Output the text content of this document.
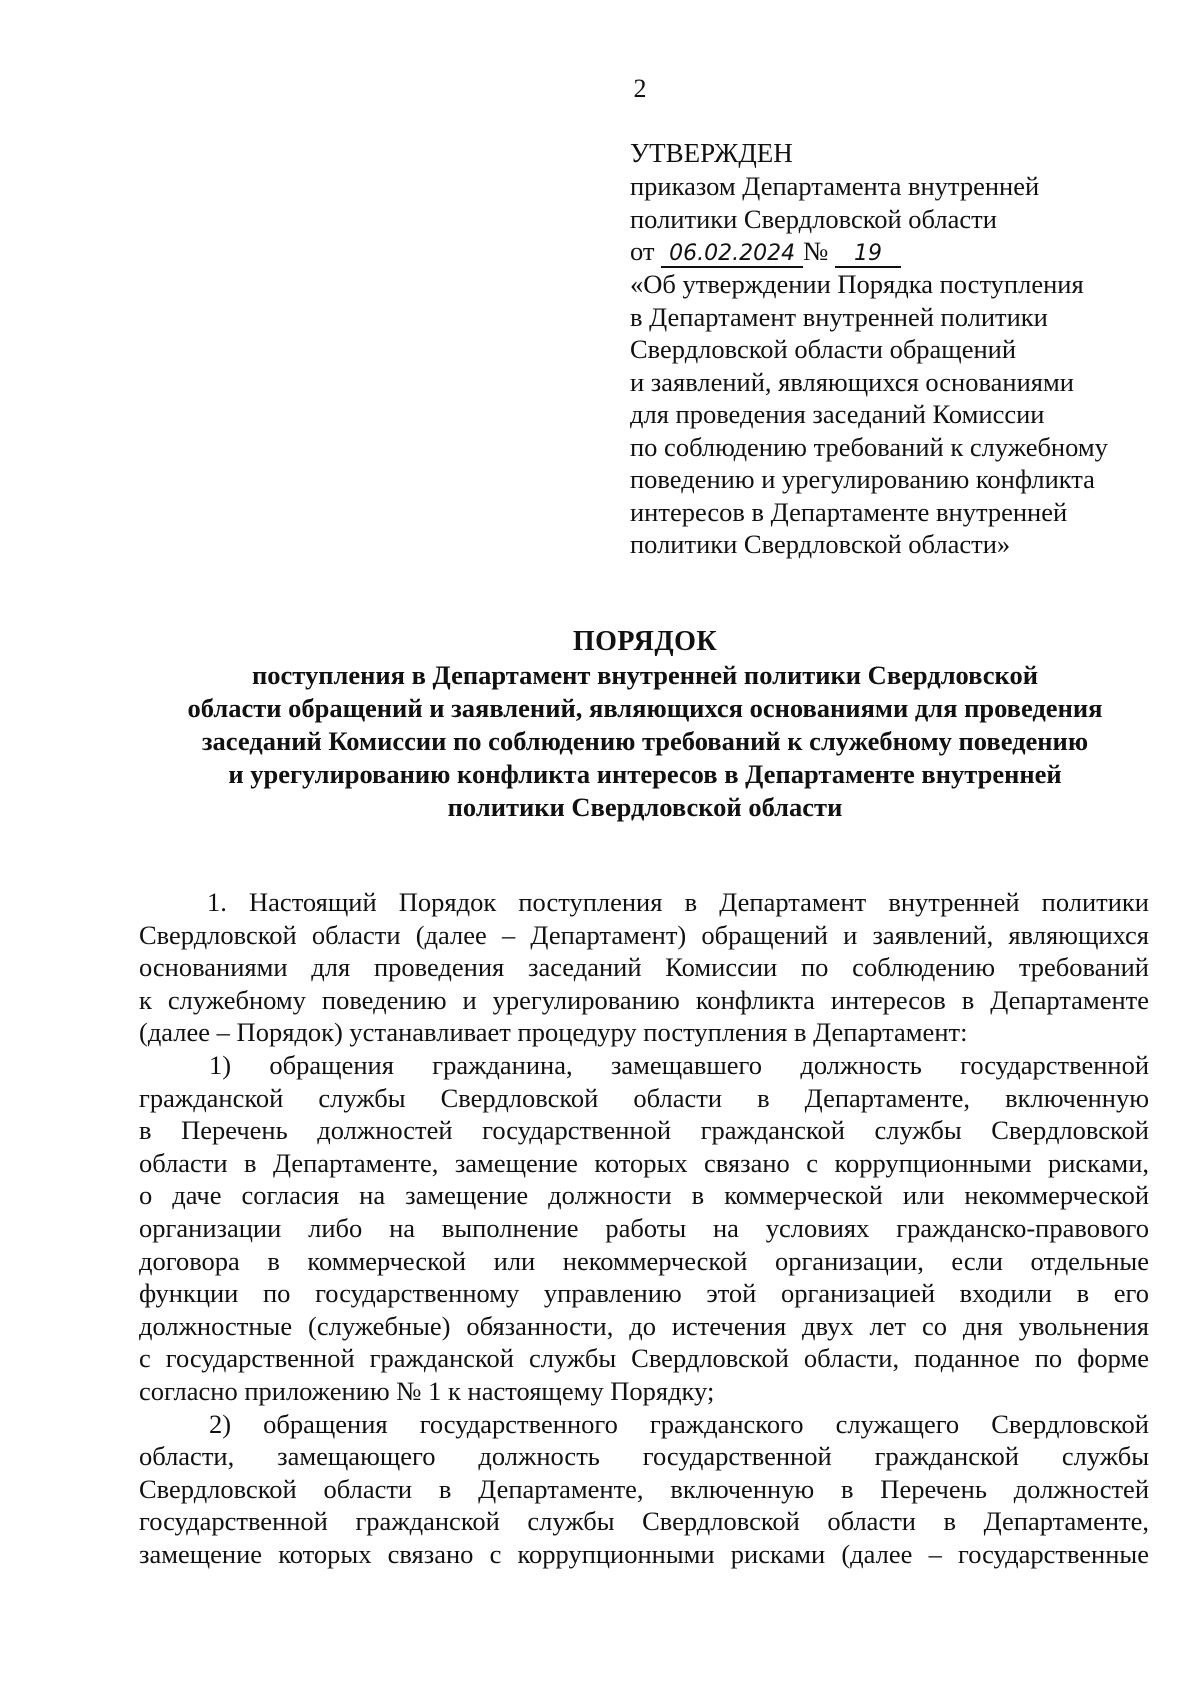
2
УТВЕРЖДЕН
приказом Департамента внутренней
политики Свердловской области
от 06.02.2024 № 19
«Об утверждении Порядка поступления
в Департамент внутренней политики
Свердловской области обращений
и заявлений, являющихся основаниями
для проведения заседаний Комиссии
по соблюдению требований к служебному
поведению и урегулированию конфликта
интересов в Департаменте внутренней
политики Свердловской области»
ПОРЯДОК
поступления в Департамент внутренней политики Свердловской
области обращений и заявлений, являющихся основаниями для проведения
заседаний Комиссии по соблюдению требований к служебному поведению
и урегулированию конфликта интересов в Департаменте внутренней
политики Свердловской области
1. Настоящий Порядок поступления в Департамент внутренней политики
Свердловской области (далее – Департамент) обращений и заявлений, являющихся
основаниями для проведения заседаний Комиссии по соблюдению требований
к служебному поведению и урегулированию конфликта интересов в Департаменте
(далее – Порядок) устанавливает процедуру поступления в Департамент:
1) обращения гражданина, замещавшего должность государственной
гражданской службы Свердловской области в Департаменте, включенную
в Перечень должностей государственной гражданской службы Свердловской
области в Департаменте, замещение которых связано с коррупционными рисками,
о даче согласия на замещение должности в коммерческой или некоммерческой
организации либо на выполнение работы на условиях гражданско-правового
договора в коммерческой или некоммерческой организации, если отдельные
функции по государственному управлению этой организацией входили в его
должностные (служебные) обязанности, до истечения двух лет со дня увольнения
с государственной гражданской службы Свердловской области, поданное по форме
согласно приложению № 1 к настоящему Порядку;
2) обращения государственного гражданского служащего Свердловской
области, замещающего должность государственной гражданской службы
Свердловской области в Департаменте, включенную в Перечень должностей
государственной гражданской службы Свердловской области в Департаменте,
замещение которых связано с коррупционными рисками (далее – государственные
